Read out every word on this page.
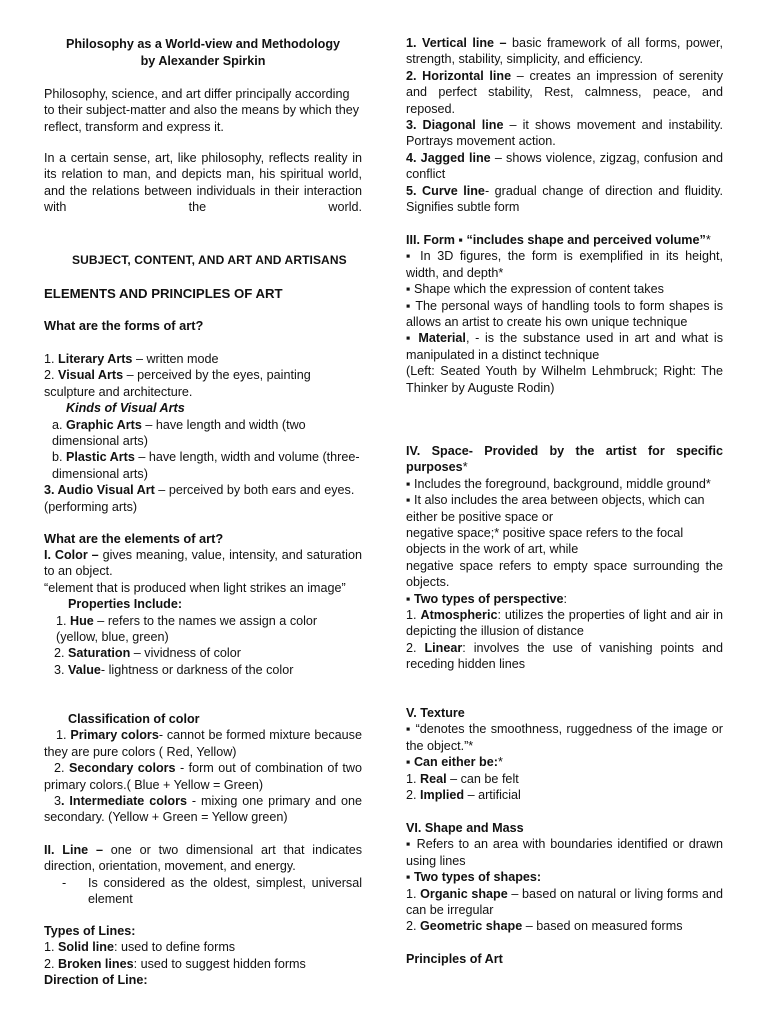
Philosophy as a World-view and Methodology
by Alexander Spirkin

Philosophy, science, and art differ principally according to their subject-matter and also the means by which they reflect, transform and express it.

In a certain sense, art, like philosophy, reflects reality in its relation to man, and depicts man, his spiritual world, and the relations between individuals in their interaction with the world.

SUBJECT, CONTENT, AND ART AND ARTISANS

ELEMENTS AND PRINCIPLES OF ART

What are the forms of art?

1. Literary Arts – written mode

2. Visual Arts – perceived by the eyes, painting sculpture and architecture.

Kinds of Visual Arts

a. Graphic Arts – have length and width (two dimensional arts)

b. Plastic Arts – have length, width and volume (three- dimensional arts)

3. Audio Visual Art – perceived by both ears and eyes. (performing arts)

What are the elements of art?

I. Color – gives meaning, value, intensity, and saturation to an object.

“element that is produced when light strikes an image”

Properties Include:

1. Hue – refers to the names we assign a color (yellow, blue, green)

2. Saturation – vividness of color

3. Value- lightness or darkness of the color

Classification of color

1. Primary colors- cannot be formed mixture because they are pure colors ( Red, Yellow)

2. Secondary colors - form out of combination of two primary colors.( Blue + Yellow = Green)

3. Intermediate colors - mixing one primary and one secondary. (Yellow + Green = Yellow green)

II. Line – one or two dimensional art that indicates direction, orientation, movement, and energy.

-	Is considered as the oldest, simplest, universal element

Types of Lines:

1. Solid line: used to define forms

2. Broken lines: used to suggest hidden forms

Direction of Line:

1. Vertical line – basic framework of all forms, power, strength, stability, simplicity, and efficiency.

2. Horizontal line – creates an impression of serenity and perfect stability, Rest, calmness, peace, and reposed.

3. Diagonal line – it shows movement and instability. Portrays movement action.

4. Jagged line – shows violence, zigzag, confusion and conflict

5. Curve line- gradual change of direction and fluidity. Signifies subtle form

III. Form ▪ “includes shape and perceived volume”*

▪ In 3D figures, the form is exemplified in its height, width, and depth*

▪ Shape which the expression of content takes

▪ The personal ways of handling tools to form shapes is allows an artist to create his own unique technique

▪ Material, - is the substance used in art and what is manipulated in a distinct technique

(Left: Seated Youth by Wilhelm Lehmbruck; Right: The Thinker by Auguste Rodin)

IV. Space- Provided by the artist for specific purposes*

▪ Includes the foreground, background, middle ground*

▪ It also includes the area between objects, which can either be positive space or

negative space;* positive space refers to the focal objects in the work of art, while

negative space refers to empty space surrounding the objects.

▪ Two types of perspective:

1. Atmospheric: utilizes the properties of light and air in depicting the illusion of distance

2. Linear: involves the use of vanishing points and receding hidden lines

V. Texture

▪ “denotes the smoothness, ruggedness of the image or the object.”*

▪ Can either be:*

1. Real – can be felt

2. Implied – artificial

VI. Shape and Mass

▪ Refers to an area with boundaries identified or drawn using lines

▪ Two types of shapes:

1. Organic shape – based on natural or living forms and can be irregular

2. Geometric shape – based on measured forms

Principles of Art
